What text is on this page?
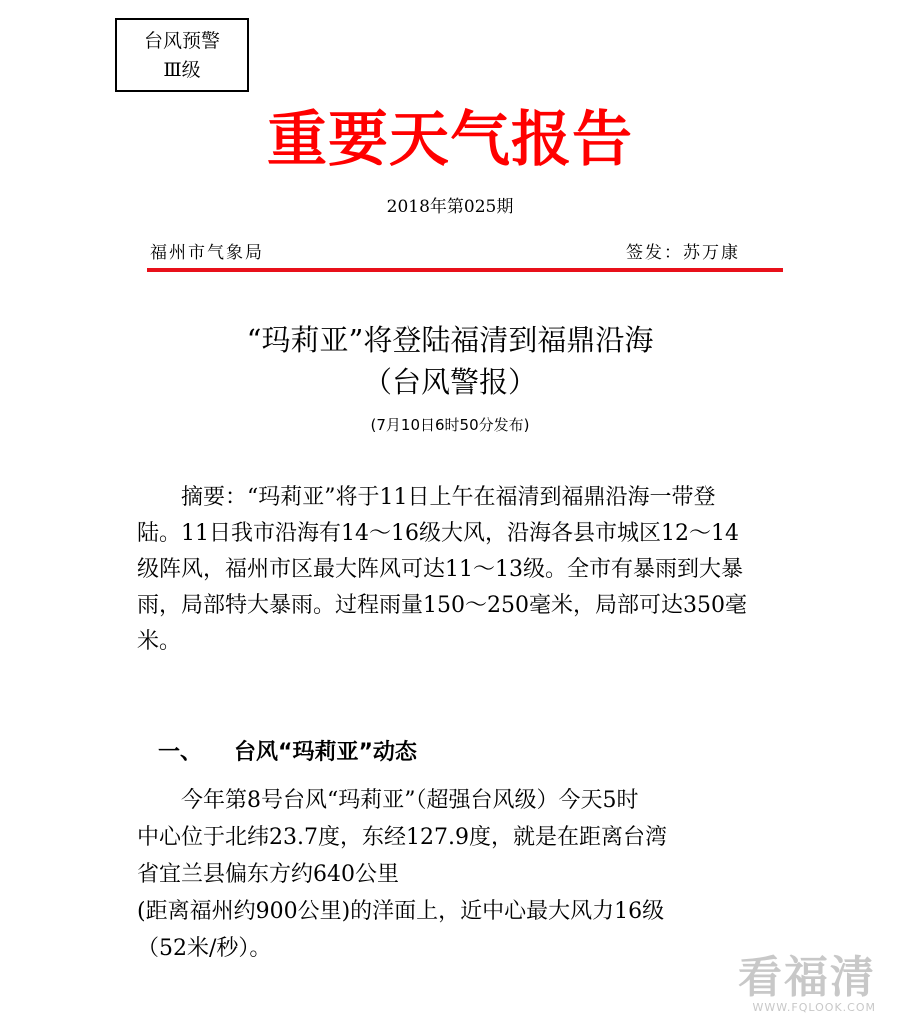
台风预警
Ⅲ级
重要天气报告
2018年第025期
福州市气象局	签发：苏万康
“玛莉亚”将登陆福清到福鼎沿海
（台风警报）
(7月10日6时50分发布)

摘要：“玛莉亚”将于11日上午在福清到福鼎沿海一带登陆。11日我市沿海有14～16级大风，沿海各县市城区12～14级阵风，福州市区最大阵风可达11～13级。全市有暴雨到大暴雨，局部特大暴雨。过程雨量150～250毫米，局部可达350毫米。

一、 台风“玛莉亚”动态

今年第8号台风“玛莉亚”（超强台风级）今天5时
中心位于北纬23.7度，东经127.9度，就是在距离台湾
省宜兰县偏东方约640公里
(距离福州约900公里)的洋面上，近中心最大风力16级
（52米/秒）。

看福清
WWW.FQLOOK.COM
